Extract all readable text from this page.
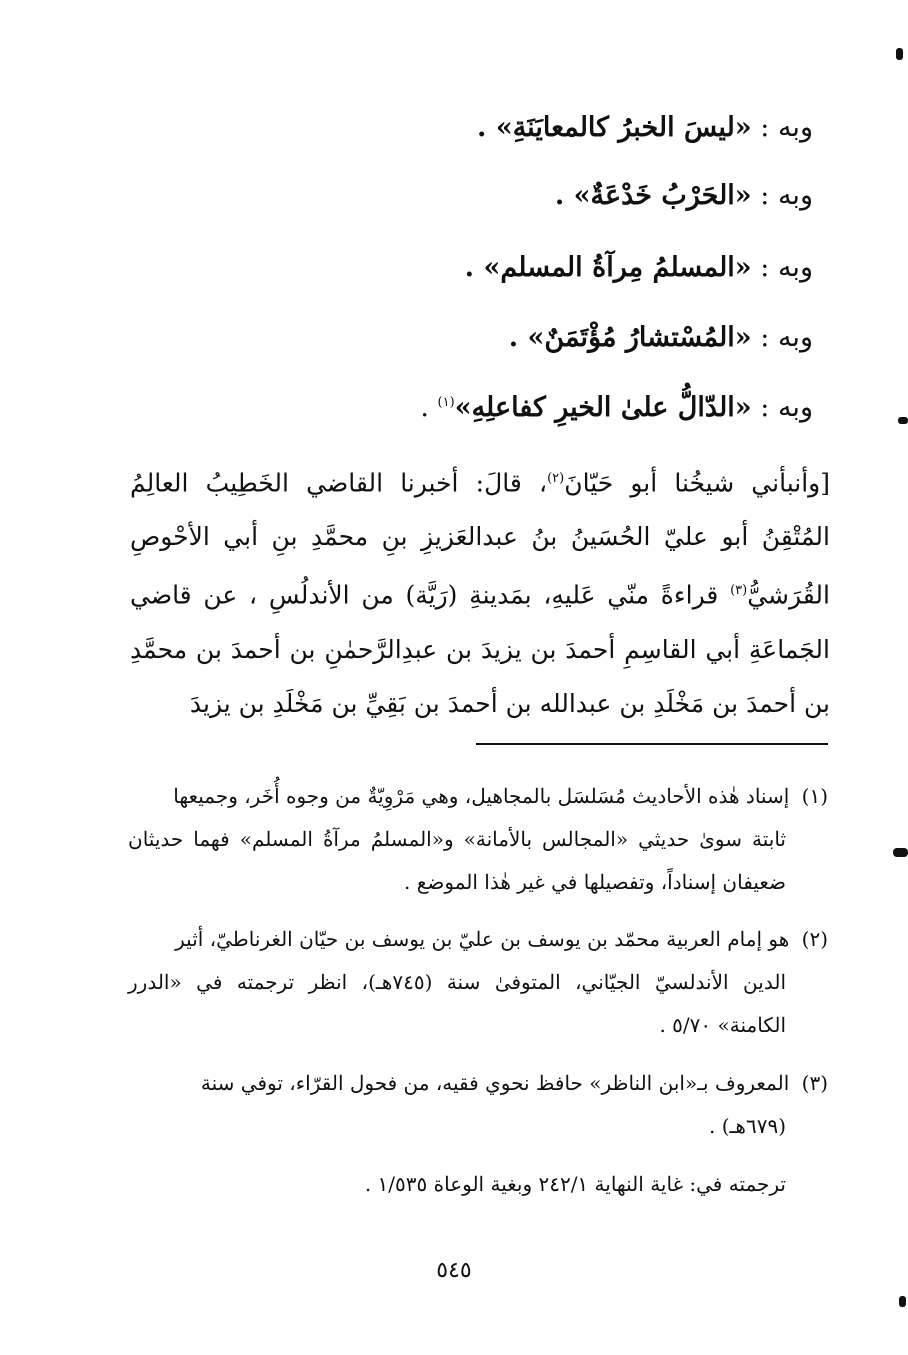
وبه : «ليسَ الخبرُ كالمعايَنَةِ» .
وبه : «الحَرْبُ خَدْعَةٌ» .
وبه : «المسلمُ مِرآةُ المسلم» .
وبه : «المُسْتشارُ مُؤْتَمَنٌ» .
وبه : «الدّالُّ علىٰ الخيرِ كفاعلِهِ»$^{(١)}$ .
[وأنبأني شيخُنا أبو حَيّانَ$^{(٢)}$، قالَ: أخبرنا القاضي الخَطِيبُ العالِمُ المُتْقِنُ أبو عليّ الحُسَينُ بنُ عبدالعَزيزِ بنِ محمَّدِ بنِ أبي الأحْوصِ القُرَشيُّ$^{(٣)}$ قراءةً منّي عَليهِ، بمَدينةِ (رَيَّة) من الأندلُسِ ، عن قاضي الجَماعَةِ أبي القاسِمِ أحمدَ بن يزيدَ بن عبدِالرَّحمٰنِ بن أحمدَ بن محمَّدِ بن أحمدَ بن مَخْلَدِ بن عبدالله بن أحمدَ بن بَقِيِّ بن مَخْلَدِ بن يزيدَ
(١) إسناد هٰذه الأحاديث مُسَلسَل بالمجاهيل، وهي مَرْوِيّةٌ من وجوه أُخَر، وجميعها
ثابتة سوىٰ حديثي «المجالس بالأمانة» و«المسلمُ مرآةُ المسلم» فهما حديثان ضعيفان إسناداً، وتفصيلها في غير هٰذا الموضع .
(٢) هو إمام العربية محمّد بن يوسف بن عليّ بن يوسف بن حيّان الغرناطيّ، أثير
الدين الأندلسيّ الجيّاني، المتوفىٰ سنة (٧٤٥هـ)، انظر ترجمته في «الدرر الكامنة» ٥/٧٠ .
(٣) المعروف بـ«ابن الناظر» حافظ نحوي فقيه، من فحول القرّاء، توفي سنة
(٦٧٩هـ) .
ترجمته في: غاية النهاية ٢٤٢/١ وبغية الوعاة ١/٥٣٥ .
٥٤٥
